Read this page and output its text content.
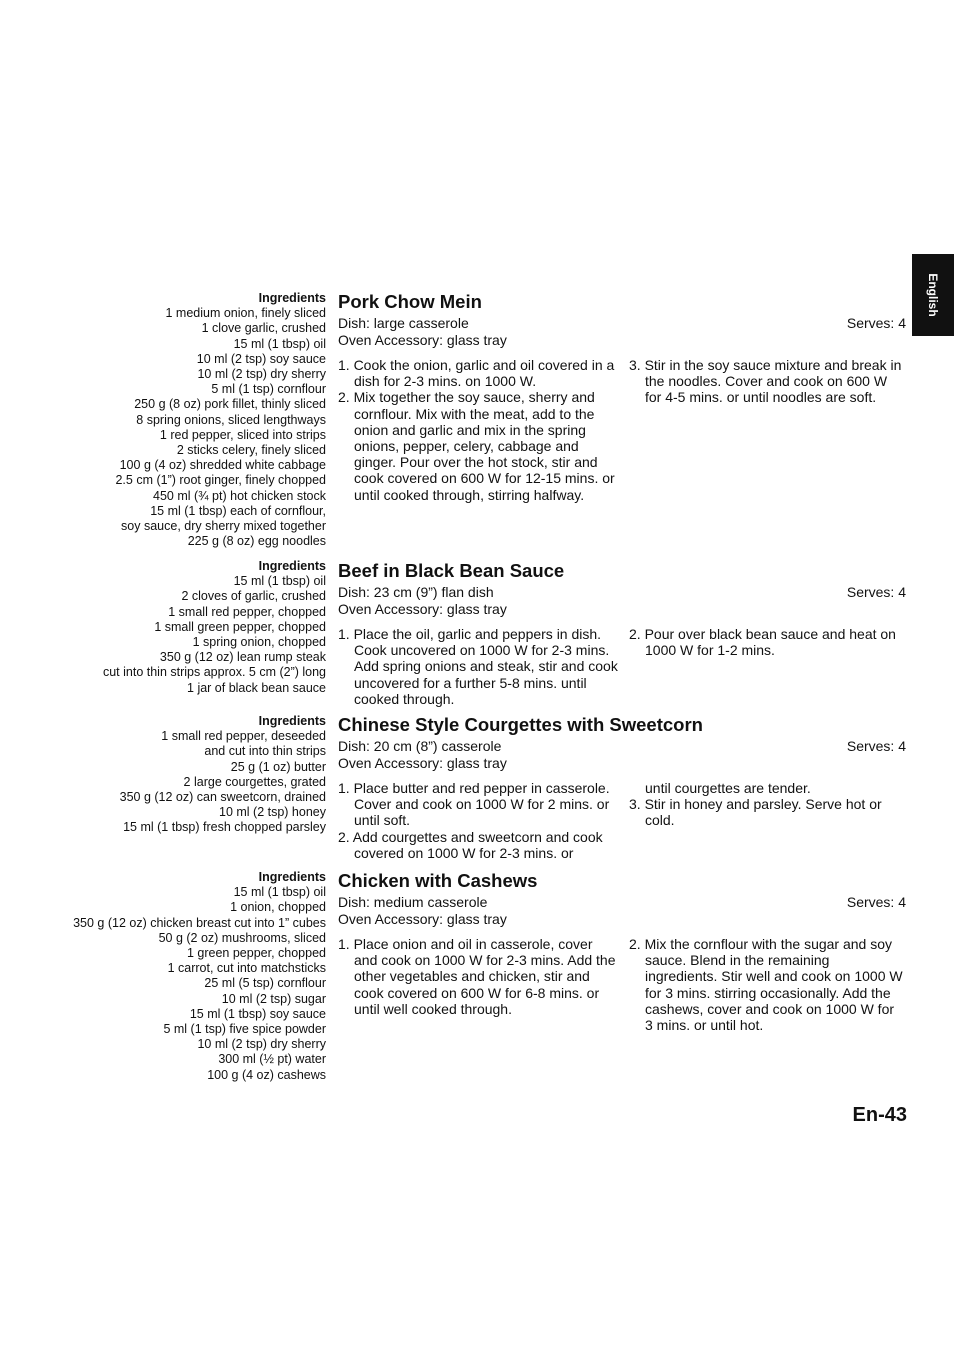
English
Ingredients
1 medium onion, finely sliced
1 clove garlic, crushed
15 ml (1 tbsp) oil
10 ml (2 tsp) soy sauce
10 ml (2 tsp) dry sherry
5 ml (1 tsp) cornflour
250 g (8 oz) pork fillet, thinly sliced
8 spring onions, sliced lengthways
1 red pepper, sliced into strips
2 sticks celery, finely sliced
100 g (4 oz) shredded white cabbage
2.5 cm (1”) root ginger, finely chopped
450 ml (¾ pt) hot chicken stock
15 ml (1 tbsp) each of cornflour,
soy sauce, dry sherry mixed together
225 g (8 oz) egg noodles
Pork Chow Mein
Dish: large casserole	Serves: 4
Oven Accessory: glass tray

1. Cook the onion, garlic and oil covered in a dish for 2-3 mins. on 1000 W.

2. Mix together the soy sauce, sherry and cornflour. Mix with the meat, add to the onion and garlic and mix in the spring onions, pepper, celery, cabbage and ginger. Pour over the hot stock, stir and cook covered on 600 W for 12-15 mins. or until cooked through, stirring halfway.

3. Stir in the soy sauce mixture and break in the noodles. Cover and cook on 600 W for 4-5 mins. or until noodles are soft.

Ingredients
15 ml (1 tbsp) oil
2 cloves of garlic, crushed
1 small red pepper, chopped
1 small green pepper, chopped
1 spring onion, chopped
350 g (12 oz) lean rump steak
cut into thin strips approx. 5 cm (2”) long
1 jar of black bean sauce
Beef in Black Bean Sauce
Dish: 23 cm (9”) flan dish	Serves: 4
Oven Accessory: glass tray

1. Place the oil, garlic and peppers in dish. Cook uncovered on 1000 W for 2-3 mins. Add spring onions and steak, stir and cook uncovered for a further 5-8 mins. until cooked through.

2. Pour over black bean sauce and heat on 1000 W for 1-2 mins.

Ingredients
1 small red pepper, deseeded
and cut into thin strips
25 g (1 oz) butter
2 large courgettes, grated
350 g (12 oz) can sweetcorn, drained
10 ml (2 tsp) honey
15 ml (1 tbsp) fresh chopped parsley
Chinese Style Courgettes with Sweetcorn
Dish: 20 cm (8”) casserole	Serves: 4
Oven Accessory: glass tray

1. Place butter and red pepper in casserole. Cover and cook on 1000 W for 2 mins. or until soft.

2. Add courgettes and sweetcorn and cook covered on 1000 W for 2-3 mins. or

until courgettes are tender.

3. Stir in honey and parsley. Serve hot or cold.

Ingredients
15 ml (1 tbsp) oil
1 onion, chopped
350 g (12 oz) chicken breast cut into 1” cubes
50 g (2 oz) mushrooms, sliced
1 green pepper, chopped
1 carrot, cut into matchsticks
25 ml (5 tsp) cornflour
10 ml (2 tsp) sugar
15 ml (1 tbsp) soy sauce
5 ml (1 tsp) five spice powder
10 ml (2 tsp) dry sherry
300 ml (½ pt) water
100 g (4 oz) cashews
Chicken with Cashews
Dish: medium casserole	Serves: 4
Oven Accessory: glass tray

1. Place onion and oil in casserole, cover and cook on 1000 W for 2-3 mins. Add the other vegetables and chicken, stir and cook covered on 600 W for 6-8 mins. or until well cooked through.

2. Mix the cornflour with the sugar and soy sauce. Blend in the remaining ingredients. Stir well and cook on 1000 W for 3 mins. stirring occasionally. Add the cashews, cover and cook on 1000 W for 3 mins. or until hot.

En-43
